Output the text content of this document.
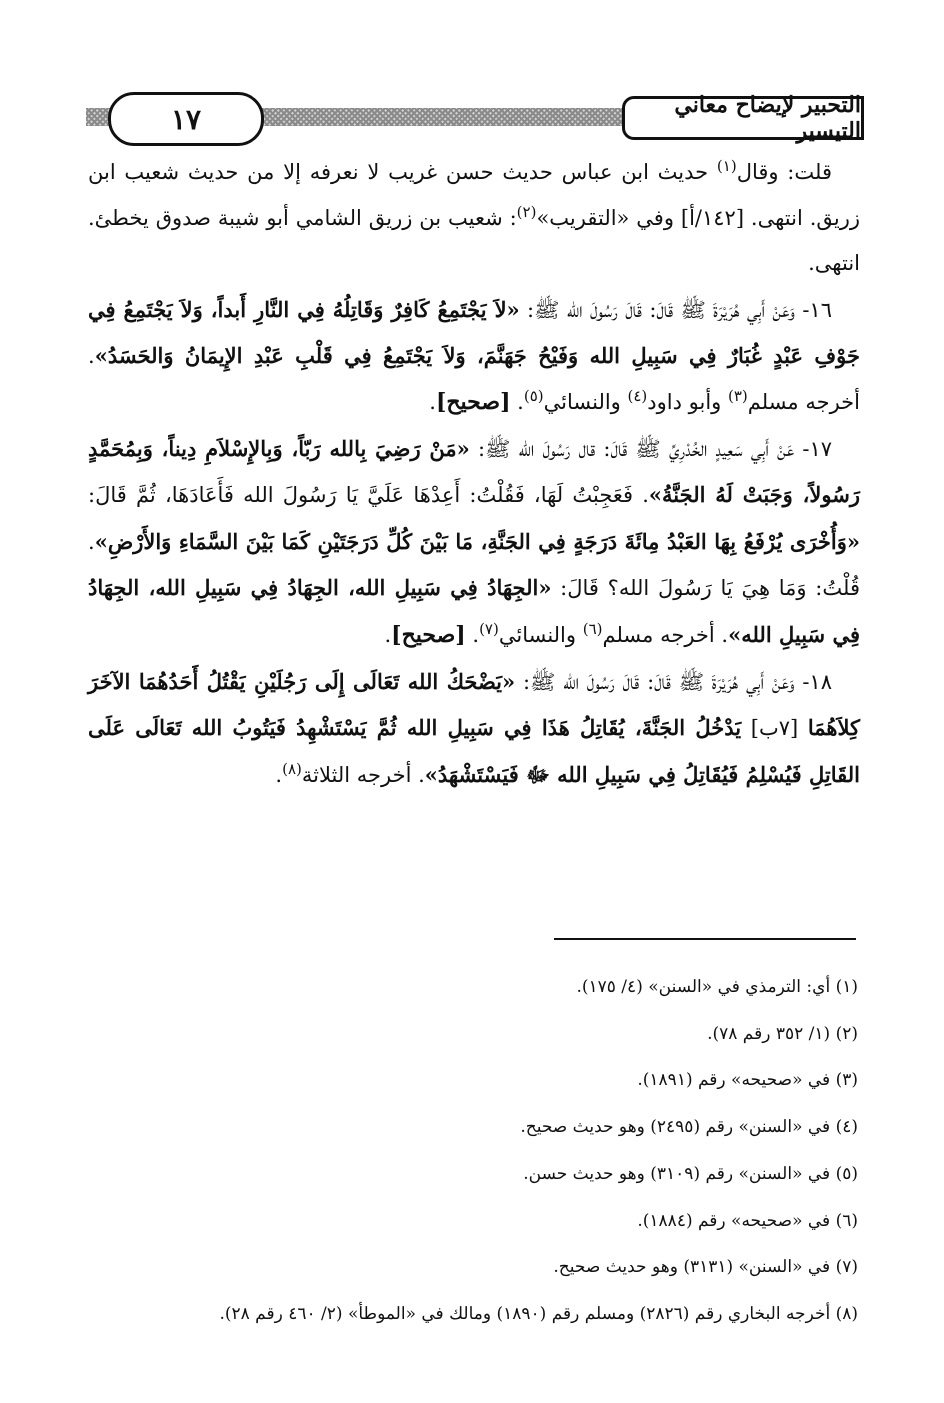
١٧	التحبير لإيضاح معاني التيسير

قلت: وقال$^{(١)}$ حديث ابن عباس حديث حسن غريب لا نعرفه إلا من حديث شعيب ابن زريق. انتهى. [١٤٢/أ] وفي «التقريب»$^{(٢)}$: شعيب بن زريق الشامي أبو شيبة صدوق يخطئ. انتهى.

١٦- وَعَنْ أَبِي هُرَيْرَةَ ﷺ قَالَ: قَالَ رَسُولَ الله ﷺ: «لاَ يَجْتَمِعُ كَافِرٌ وَقَاتِلُهُ فِي النَّارِ أَبداً، وَلاَ يَجْتَمِعُ فِي جَوْفِ عَبْدٍ غُبَارٌ فِي سَبِيلِ الله وَفَيْحُ جَهَنَّمَ، وَلاَ يَجْتَمِعُ فِي قَلْبِ عَبْدِ الإِيمَانُ وَالحَسَدُ». أخرجه مسلم$^{(٣)}$ وأبو داود$^{(٤)}$ والنسائي$^{(٥)}$. [صحيح].

١٧- عَنْ أَبِي سَعِيدٍ الخُدْرِيِّ ﷺ قَالَ: قال رَسُولَ الله ﷺ: «مَنْ رَضِيَ بِالله رَبّاً، وَبِالإِسْلاَمِ دِيناً، وَبِمُحَمَّدٍ رَسُولاً، وَجَبَتْ لَهُ الجَنَّةُ». فَعَجِبْتُ لَهَا، فَقُلْتُ: أَعِدْهَا عَلَيَّ يَا رَسُولَ الله فَأَعَادَهَا، ثُمَّ قَالَ: «وَأُخْرَى يُرْفَعُ بِهَا العَبْدُ مِائَةَ دَرَجَةٍ فِي الجَنَّةِ، مَا بَيْنَ كُلِّ دَرَجَتَيْنِ كَمَا بَيْنَ السَّمَاءِ وَالأَرْضِ». قُلْتُ: وَمَا هِيَ يَا رَسُولَ الله؟ قَالَ: «الجِهَادُ فِي سَبِيلِ الله، الجِهَادُ فِي سَبِيلِ الله، الجِهَادُ فِي سَبِيلِ الله». أخرجه مسلم$^{(٦)}$ والنسائي$^{(٧)}$. [صحيح].

١٨- وَعَنْ أَبِي هُرَيْرَةَ ﷺ قَالَ: قَالَ رَسُولَ الله ﷺ: «يَضْحَكُ الله تَعَالَى إِلَى رَجُلَيْنِ يَقْتُلُ أَحَدُهُمَا الآخَرَ كِلاَهُمَا [٧ب] يَدْخُلُ الجَنَّةَ، يُقَاتِلُ هَذَا فِي سَبِيلِ الله ثُمَّ يَسْتَشْهِدُ فَيَتُوبُ الله تَعَالَى عَلَى القَاتِلِ فَيُسْلِمُ فَيُقَاتِلُ فِي سَبِيلِ الله ﷻ فَيَسْتَشْهَدُ». أخرجه الثلاثة$^{(٨)}$.

(١) أي: الترمذي في «السنن» (٤/ ١٧٥).

(٢) (١/ ٣٥٢ رقم ٧٨).

(٣) في «صحيحه» رقم (١٨٩١).

(٤) في «السنن» رقم (٢٤٩٥) وهو حديث صحيح.

(٥) في «السنن» رقم (٣١٠٩) وهو حديث حسن.

(٦) في «صحيحه» رقم (١٨٨٤).

(٧) في «السنن» (٣١٣١) وهو حديث صحيح.

(٨) أخرجه البخاري رقم (٢٨٢٦) ومسلم رقم (١٨٩٠) ومالك في «الموطأ» (٢/ ٤٦٠ رقم ٢٨).
